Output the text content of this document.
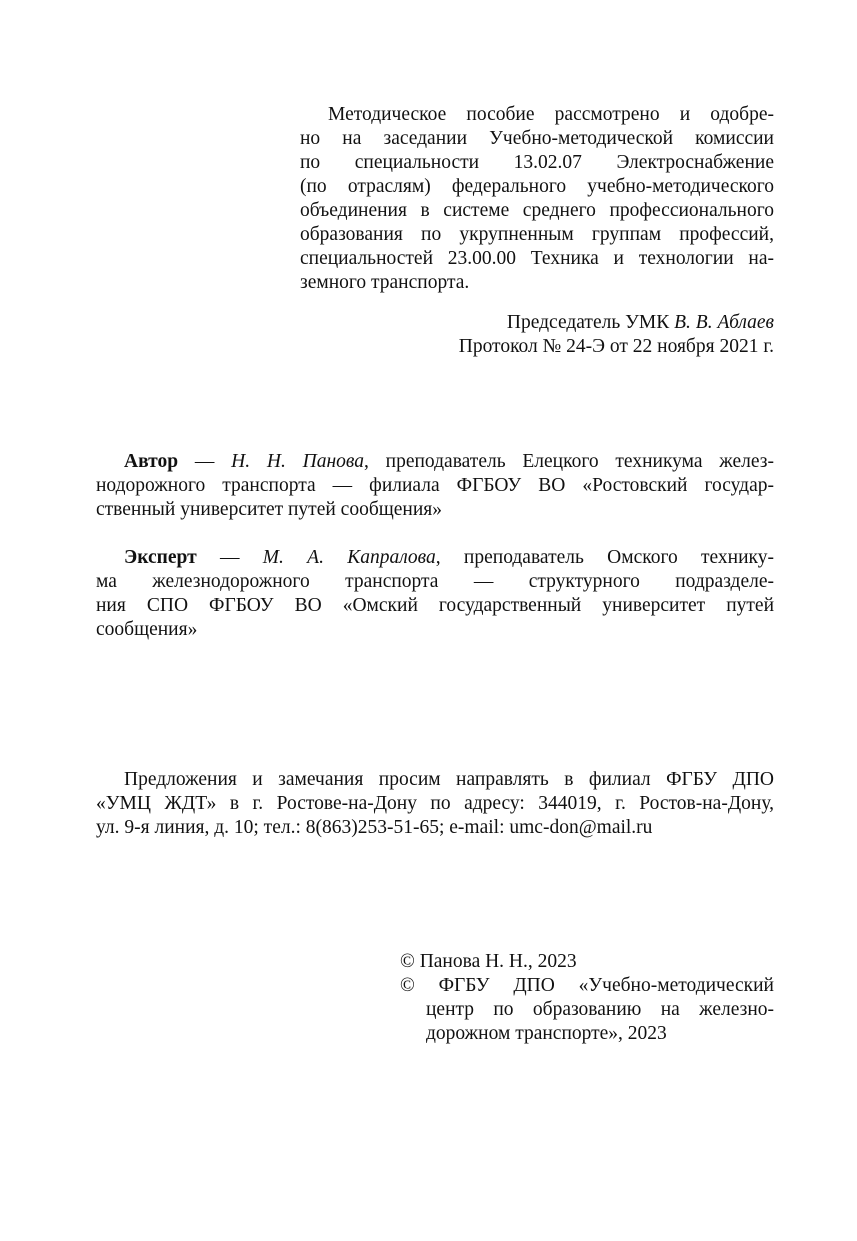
Методическое пособие рассмотрено и одобре-
но на заседании Учебно-методической комиссии
по специальности 13.02.07 Электроснабжение
(по отраслям) федерального учебно-методического
объединения в системе среднего профессионального
образования по укрупненным группам профессий,
специальностей 23.00.00 Техника и технологии на-
земного транспорта.
Председатель УМК В. В. Аблаев
Протокол № 24-Э от 22 ноября 2021 г.
Автор — Н. Н. Панова, преподаватель Елецкого техникума желез-
нодорожного транспорта — филиала ФГБОУ ВО «Ростовский государ-
ственный университет путей сообщения»
Эксперт — М. А. Капралова, преподаватель Омского технику-
ма железнодорожного транспорта — структурного подразделе-
ния СПО ФГБОУ ВО «Омский государственный университет путей
сообщения»
Предложения и замечания просим направлять в филиал ФГБУ ДПО
«УМЦ ЖДТ» в г. Ростове-на-Дону по адресу: 344019, г. Ростов-на-Дону,
ул. 9-я линия, д. 10; тел.: 8(863)253-51-65; e-mail: umc-don@mail.ru
© Панова Н. Н., 2023
© ФГБУ ДПО «Учебно-методический
центр по образованию на железно-
дорожном транспорте», 2023
